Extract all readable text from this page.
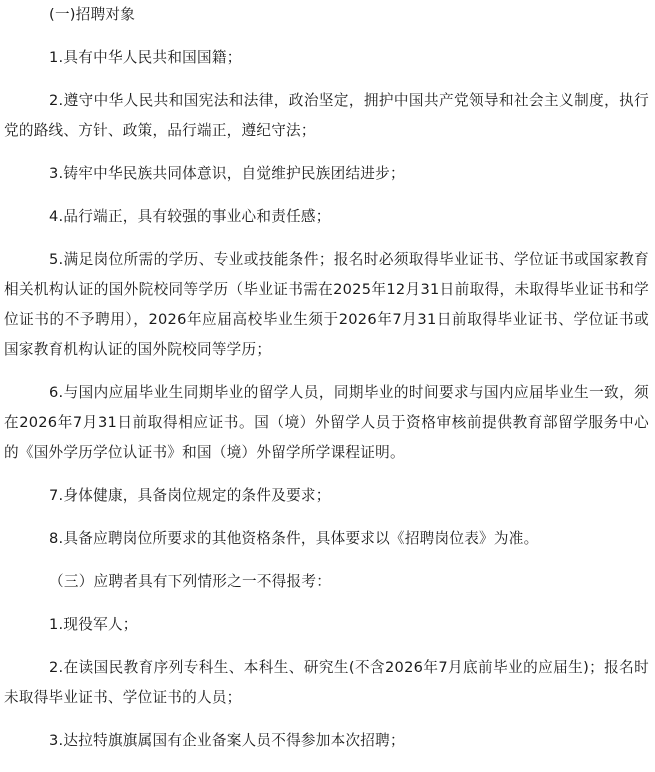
(一)招聘对象

1.具有中华人民共和国国籍；

2.遵守中华人民共和国宪法和法律，政治坚定，拥护中国共产党领导和社会主义制度，执行党的路线、方针、政策，品行端正，遵纪守法；

3.铸牢中华民族共同体意识，自觉维护民族团结进步；

4.品行端正，具有较强的事业心和责任感；

5.满足岗位所需的学历、专业或技能条件；报名时必须取得毕业证书、学位证书或国家教育相关机构认证的国外院校同等学历（毕业证书需在2025年12月31日前取得，未取得毕业证书和学位证书的不予聘用），2026年应届高校毕业生须于2026年7月31日前取得毕业证书、学位证书或国家教育机构认证的国外院校同等学历；

6.与国内应届毕业生同期毕业的留学人员，同期毕业的时间要求与国内应届毕业生一致，须在2026年7月31日前取得相应证书。国（境）外留学人员于资格审核前提供教育部留学服务中心的《国外学历学位认证书》和国（境）外留学所学课程证明。

7.身体健康，具备岗位规定的条件及要求；

8.具备应聘岗位所要求的其他资格条件，具体要求以《招聘岗位表》为准。

（三）应聘者具有下列情形之一不得报考：

1.现役军人；

2.在读国民教育序列专科生、本科生、研究生(不含2026年7月底前毕业的应届生)；报名时未取得毕业证书、学位证书的人员；

3.达拉特旗旗属国有企业备案人员不得参加本次招聘；
